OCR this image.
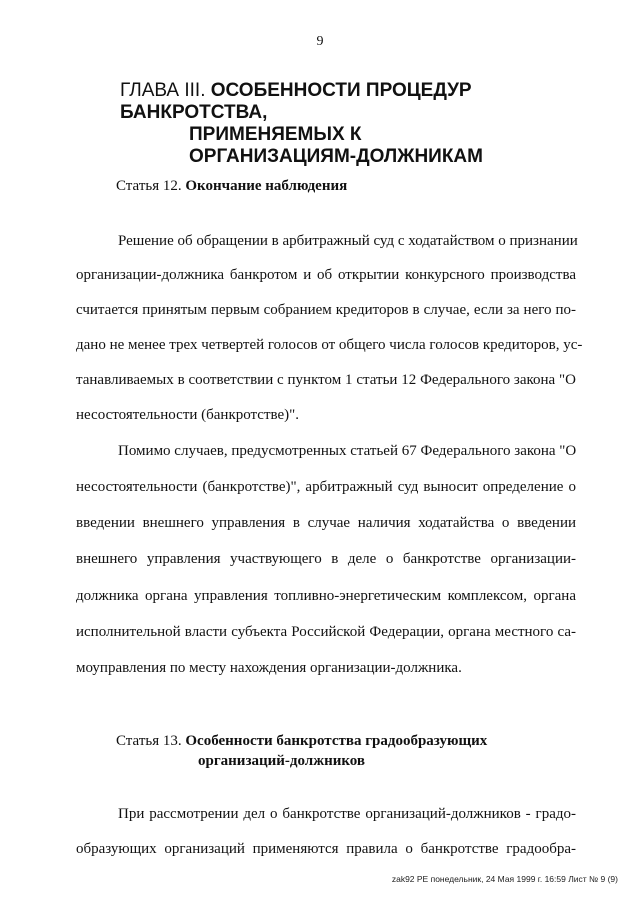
9
ГЛАВА III. ОСОБЕННОСТИ ПРОЦЕДУР БАНКРОТСТВА,
ПРИМЕНЯЕМЫХ К
ОРГАНИЗАЦИЯМ-ДОЛЖНИКАМ
Статья 12. Окончание наблюдения
Решение об обращении в арбитражный суд с ходатайством о признании
организации-должника банкротом и об открытии конкурсного производства
считается принятым первым собранием кредиторов в случае, если за него по-
дано не менее трех четвертей голосов от общего числа голосов кредиторов, ус-
танавливаемых в соответствии с пунктом 1 статьи 12 Федерального закона "О
несостоятельности (банкротстве)".
Помимо случаев, предусмотренных статьей 67 Федерального закона "О
несостоятельности (банкротстве)", арбитражный суд выносит определение о
введении внешнего управления в случае наличия ходатайства о введении
внешнего управления участвующего в деле о банкротстве организации-
должника органа управления топливно-энергетическим комплексом, органа
исполнительной власти субъекта Российской Федерации, органа местного са-
моуправления по месту нахождения организации-должника.
Статья 13. Особенности банкротства градообразующих
организаций-должников
При рассмотрении дел о банкротстве организаций-должников - градо-
образующих организаций применяются правила о банкротстве градообра-
zak92 PE понедельник, 24 Мая 1999 г. 16:59 Лист № 9 (9)
